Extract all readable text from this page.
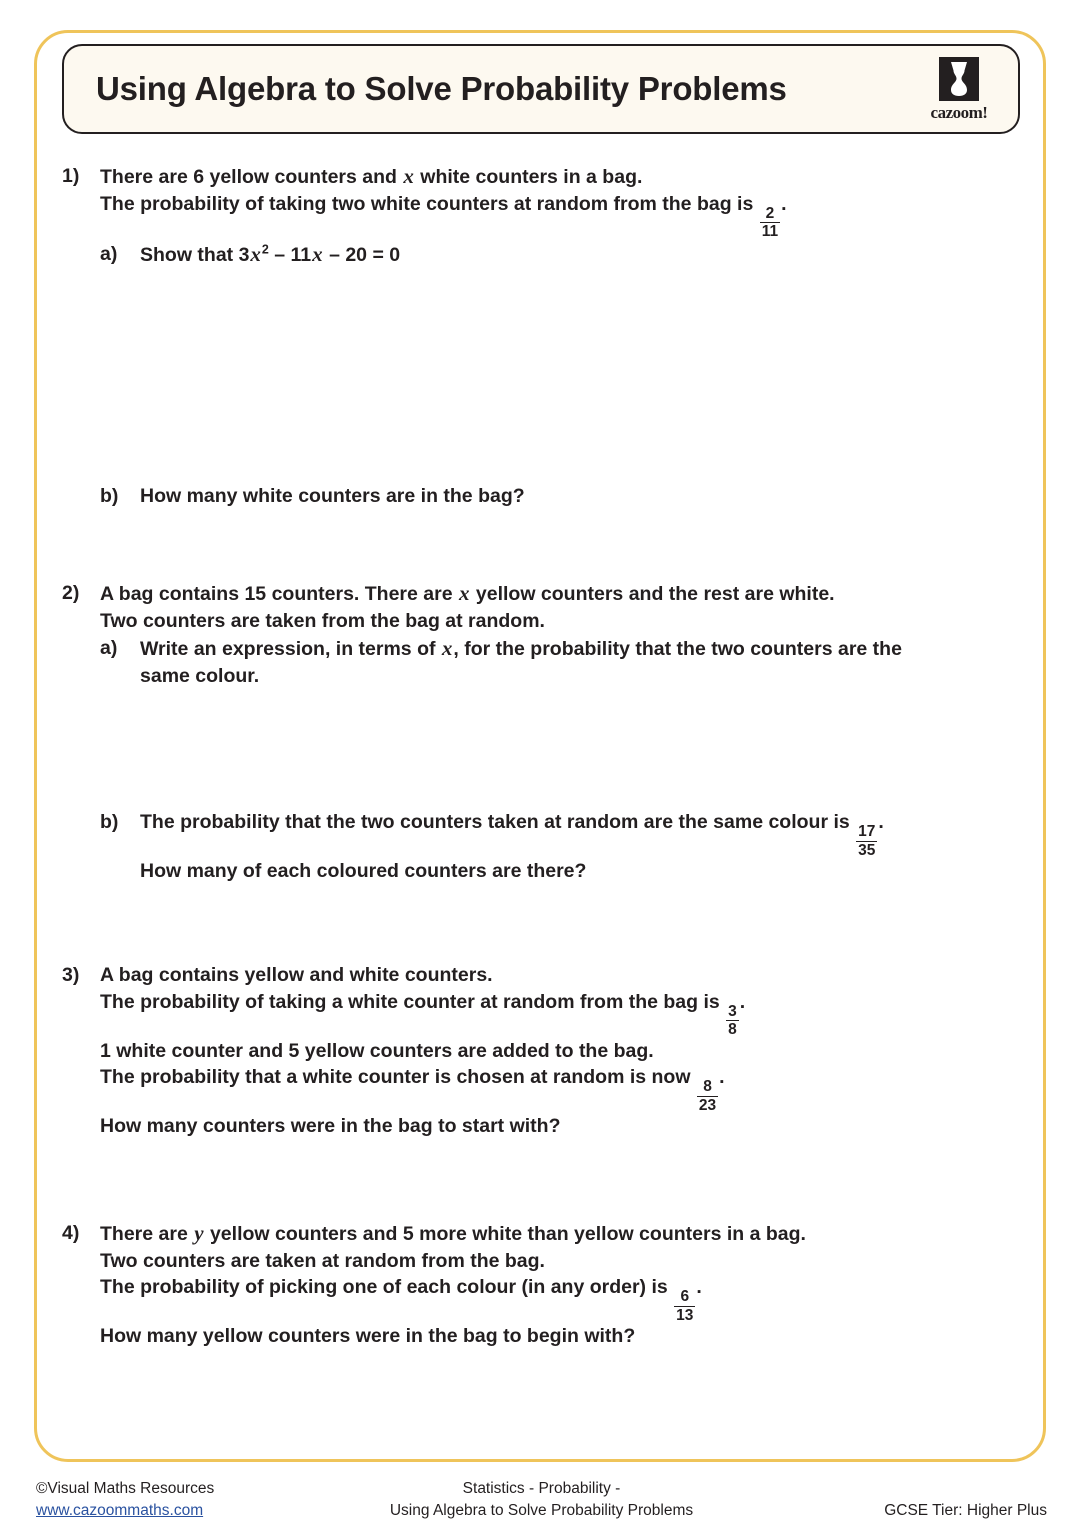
Using Algebra to Solve Probability Problems
cazoom!
1)	There are 6 yellow counters and x white counters in a bag.
The probability of taking two white counters at random from the bag is
$\frac{2}{11}$
.
a)	Show that $3x^2 - 11x - 20 = 0$
b)	How many white counters are in the bag?
2)	A bag contains 15 counters. There are x yellow counters and the rest are white.
Two counters are taken from the bag at random.
a)	Write an expression, in terms of x, for the probability that the two counters are the
same colour.
b)	The probability that the two counters taken at random are the same colour is
$\frac{17}{35}$
.
How many of each coloured counters are there?
3)	A bag contains yellow and white counters.
The probability of taking a white counter at random from the bag is
$\frac{3}{8}$
.
1 white counter and 5 yellow counters are added to the bag.
The probability that a white counter is chosen at random is now
$\frac{8}{23}$
.
How many counters were in the bag to start with?
4)	There are y yellow counters and 5 more white than yellow counters in a bag.
Two counters are taken at random from the bag.
The probability of picking one of each colour (in any order) is
$\frac{6}{13}$
.
How many yellow counters were in the bag to begin with?
©Visual Maths Resources
www.cazoommaths.com
Statistics - Probability -
Using Algebra to Solve Probability Problems	GCSE Tier: Higher Plus
